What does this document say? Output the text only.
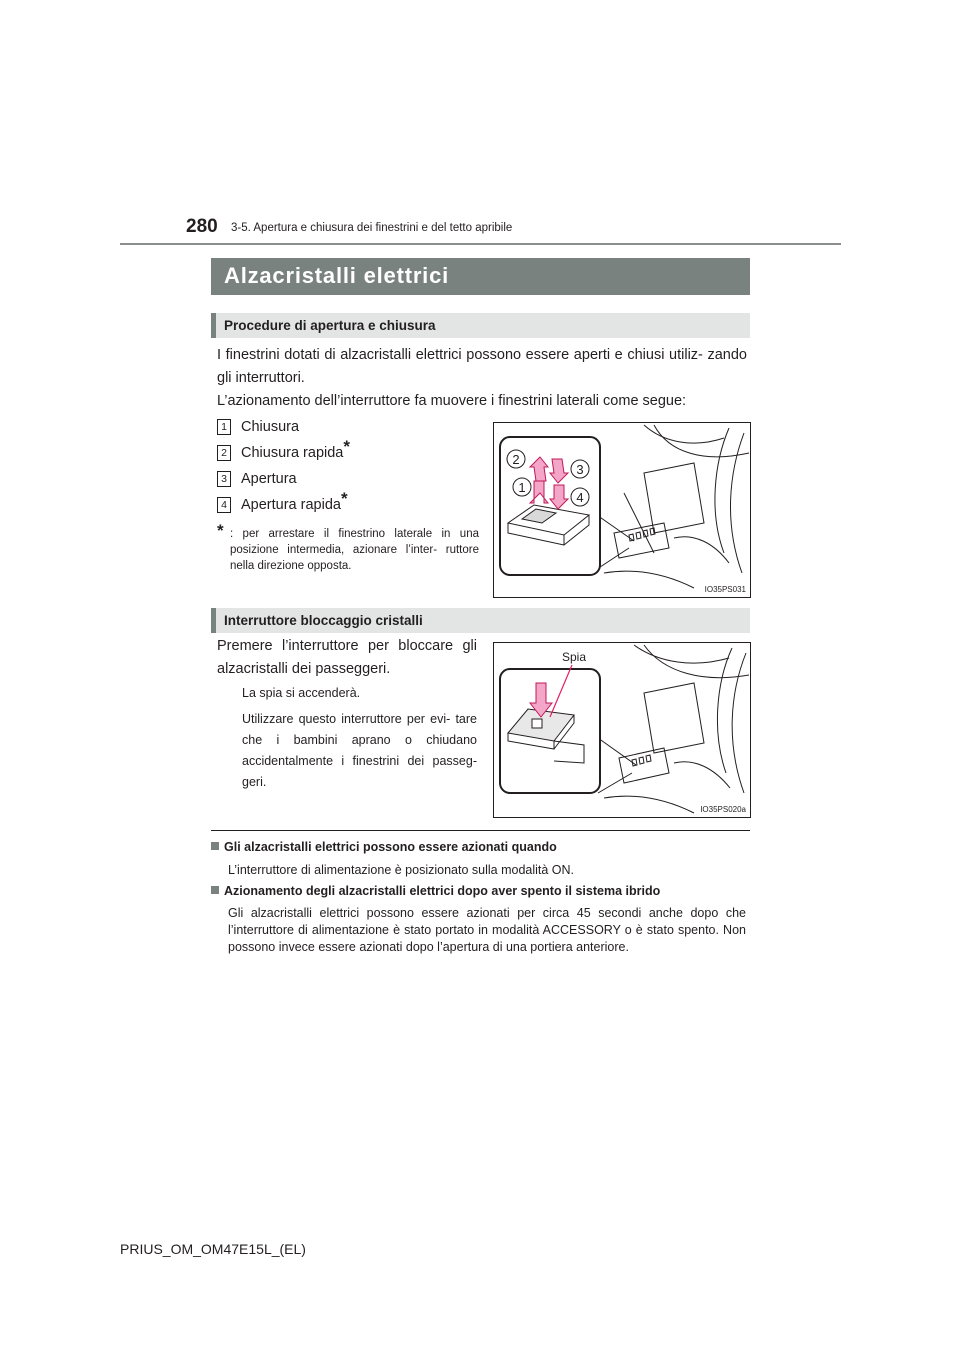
280 3-5. Apertura e chiusura dei finestrini e del tetto apribile
Alzacristalli elettrici
Procedure di apertura e chiusura
I finestrini dotati di alzacristalli elettrici possono essere aperti e chiusi utiliz- zando gli interruttori.
L’azionamento dell’interruttore fa muovere i finestrini laterali come segue:
1 Chiusura
2 Chiusura rapida*
3 Apertura
4 Apertura rapida*
* : per arrestare il finestrino laterale in una posizione intermedia, azionare l’inter- ruttore nella direzione opposta.
2
3
1
4
IO35PS031
Interruttore bloccaggio cristalli
Premere l’interruttore per bloccare gli alzacristalli dei passeggeri.
La spia si accenderà.
Utilizzare questo interruttore per evi- tare che i bambini aprano o chiudano accidentalmente i finestrini dei passeg- geri.
Spia
IO35PS020a
Gli alzacristalli elettrici possono essere azionati quando
L’interruttore di alimentazione è posizionato sulla modalità ON.
Azionamento degli alzacristalli elettrici dopo aver spento il sistema ibrido
Gli alzacristalli elettrici possono essere azionati per circa 45 secondi anche dopo che l’interruttore di alimentazione è stato portato in modalità ACCESSORY o è stato spento. Non possono invece essere azionati dopo l’apertura di una portiera anteriore.
PRIUS_OM_OM47E15L_(EL)
